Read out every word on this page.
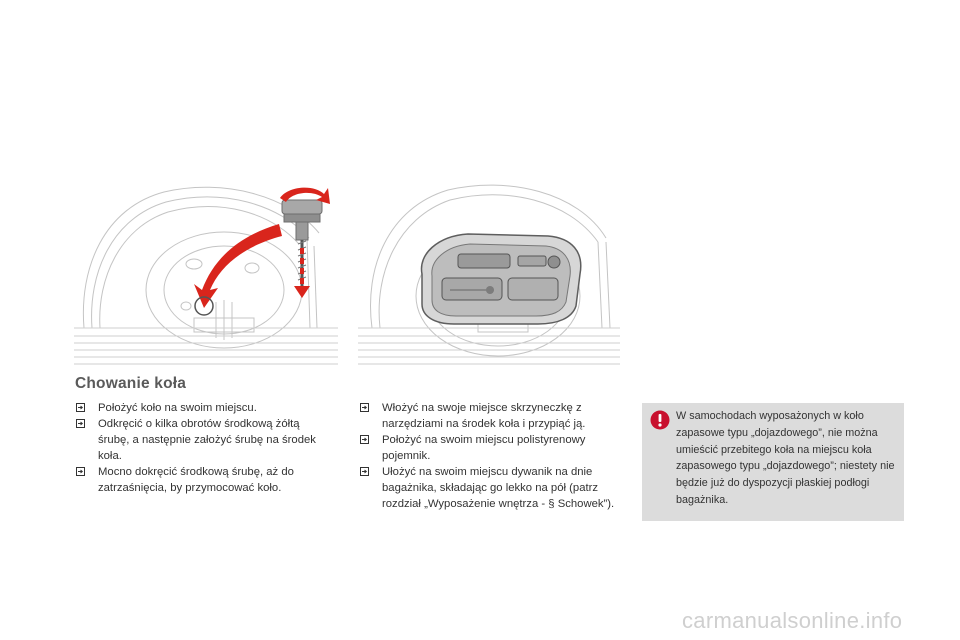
Chowanie koła
Położyć koło na swoim miejscu.
Odkręcić o kilka obrotów środkową żółtą śrubę, a następnie założyć śrubę na środek koła.
Mocno dokręcić środkową śrubę, aż do zatrzaśnięcia, by przymocować koło.
Włożyć na swoje miejsce skrzyneczkę z narzędziami na środek koła i przypiąć ją.
Położyć na swoim miejscu polistyrenowy pojemnik.
Ułożyć na swoim miejscu dywanik na dnie bagażnika, składając go lekko na pół (patrz rozdział „Wyposażenie wnętrza - § Schowek”).

W samochodach wyposażonych w koło zapasowe typu „dojazdowego”, nie można umieścić przebitego koła na miejscu koła zapasowego typu „dojazdowego”; niestety nie będzie już do dyspozycji płaskiej podłogi bagażnika.

carmanualsonline.info
